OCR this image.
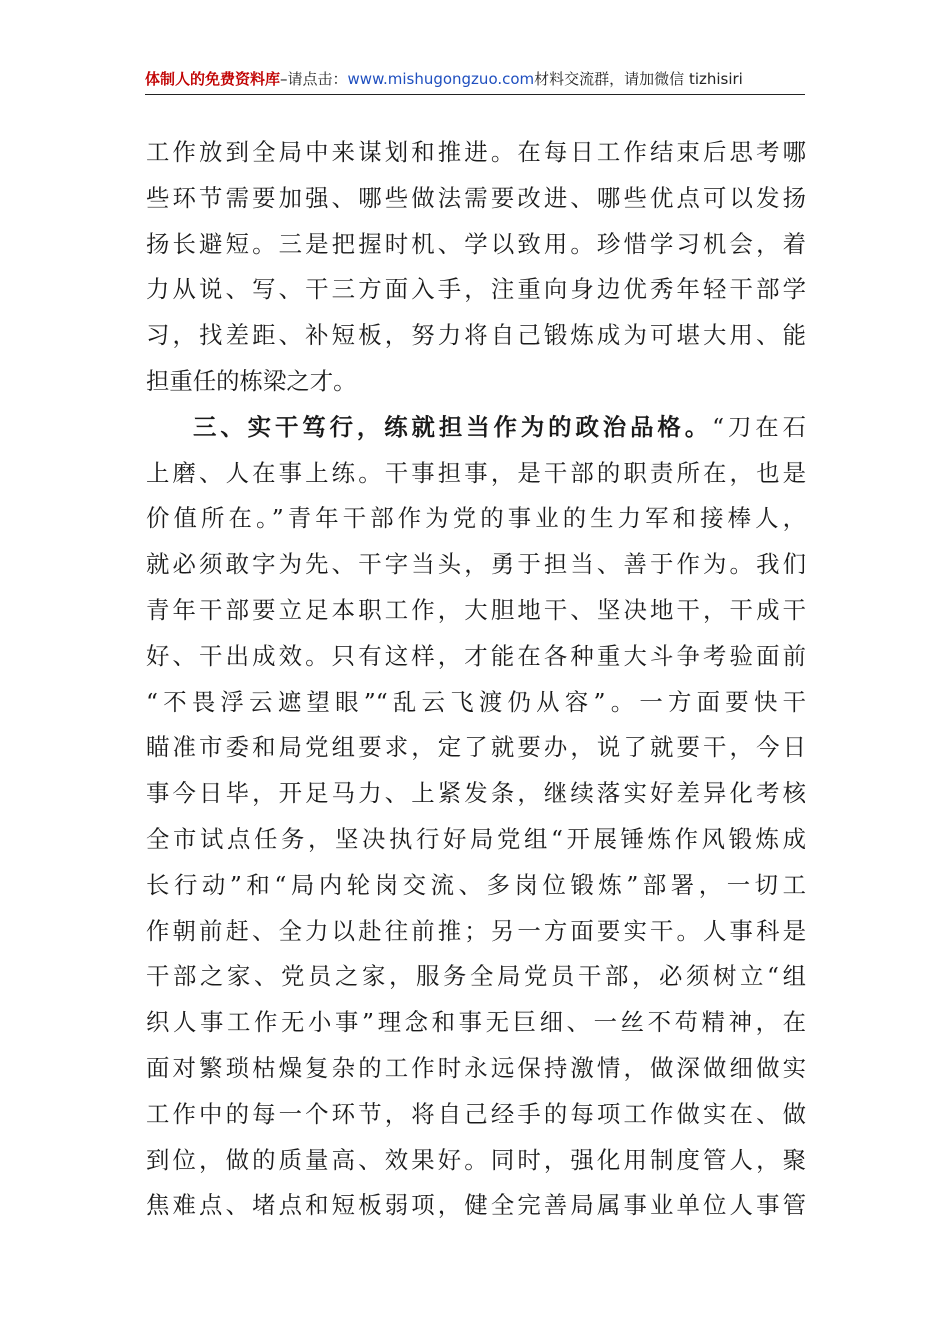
体制人的免费资料库–请点击：www.mishugongzuo.com材料交流群，请加微信 tizhisiri
工作放到全局中来谋划和推进。在每日工作结束后思考哪
些环节需要加强、哪些做法需要改进、哪些优点可以发扬
扬长避短。三是把握时机、学以致用。珍惜学习机会，着
力从说、写、干三方面入手，注重向身边优秀年轻干部学
习，找差距、补短板，努力将自己锻炼成为可堪大用、能
担重任的栋梁之才。
三、实干笃行，练就担当作为的政治品格。“刀在石
上磨、人在事上练。干事担事，是干部的职责所在，也是
价值所在。”青年干部作为党的事业的生力军和接棒人，
就必须敢字为先、干字当头，勇于担当、善于作为。我们
青年干部要立足本职工作，大胆地干、坚决地干，干成干
好、干出成效。只有这样，才能在各种重大斗争考验面前
“不畏浮云遮望眼”“乱云飞渡仍从容”。一方面要快干
瞄准市委和局党组要求，定了就要办，说了就要干，今日
事今日毕，开足马力、上紧发条，继续落实好差异化考核
全市试点任务，坚决执行好局党组“开展锤炼作风锻炼成
长行动”和“局内轮岗交流、多岗位锻炼”部署，一切工
作朝前赶、全力以赴往前推；另一方面要实干。人事科是
干部之家、党员之家，服务全局党员干部，必须树立“组
织人事工作无小事”理念和事无巨细、一丝不苟精神，在
面对繁琐枯燥复杂的工作时永远保持激情，做深做细做实
工作中的每一个环节，将自己经手的每项工作做实在、做
到位，做的质量高、效果好。同时，强化用制度管人，聚
焦难点、堵点和短板弱项，健全完善局属事业单位人事管
